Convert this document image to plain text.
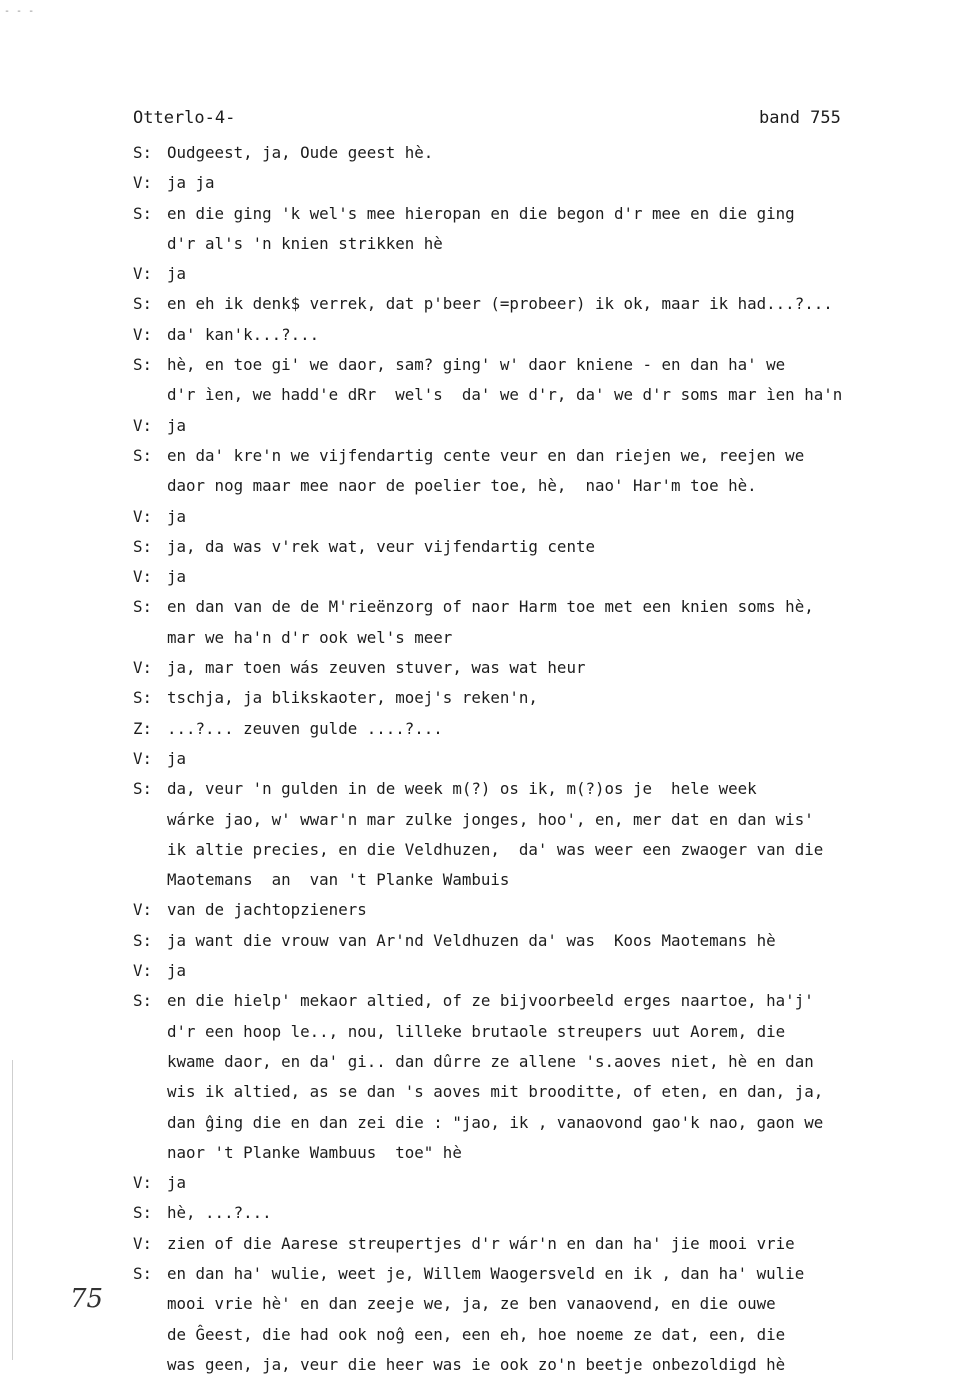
- - -
Otterlo-4-	band 755
S: Oudgeest, ja, Oude geest hè.
V: ja ja
S: en die ging 'k wel's mee hieropan en die begon d'r mee en die ging
d'r al's 'n knien strikken hè
V: ja
S: en eh ik denk$ verrek, dat p'beer (=probeer) ik ok, maar ik had...?...
V: da' kan'k...?...
S: hè, en toe gi' we daor, sam? ging' w' daor kniene - en dan ha' we
d'r ìen, we hadd'e dRr  wel's  da' we d'r, da' we d'r soms mar ìen ha'n
V: ja
S: en da' kre'n we vijfendartig cente veur en dan riejen we, reejen we
daor nog maar mee naor de poelier toe, hè,  nao' Har'm toe hè.
V: ja
S: ja, da was v'rek wat, veur vijfendartig cente
V: ja
S: en dan van de de M'rieënzorg of naor Harm toe met een knien soms hè,
mar we ha'n d'r ook wel's meer
V: ja, mar toen wás zeuven stuver, was wat heur
S: tschja, ja blikskaoter, moej's reken'n,
Z: ...?... zeuven gulde ....?...
V: ja
S: da, veur 'n gulden in de week m(?) os ik, m(?)os je  hele week
wárke jao, w' wwar'n mar zulke jonges, hoo', en, mer dat en dan wis'
ik altie precies, en die Veldhuzen,  da' was weer een zwaoger van die
Maotemans  an  van 't Planke Wambuis
V: van de jachtopzieners
S: ja want die vrouw van Ar'nd Veldhuzen da' was  Koos Maotemans hè
V: ja
S: en die hielp' mekaor altied, of ze bijvoorbeeld erges naartoe, ha'j'
d'r een hoop le.., nou, lilleke brutaole streupers uut Aorem, die
kwame daor, en da' gi.. dan dûrre ze allene 's.aoves niet, hè en dan
wis ik altied, as se dan 's aoves mit brooditte, of eten, en dan, ja,
dan ĝing die en dan zei die : "jao, ik , vanaovond gao'k nao, gaon we
naor 't Planke Wambuus  toe" hè
V: ja
S: hè, ...?...
V: zien of die Aarese streupertjes d'r wár'n en dan ha' jie mooi vrie
S: en dan ha' wulie, weet je, Willem Waogersveld en ik , dan ha' wulie
mooi vrie hè' en dan zeeje we, ja, ze ben vanaovend, en die ouwe
de Ĝeest, die had ook noĝ een, een eh, hoe noeme ze dat, een, die
was geen, ja, veur die heer was ie ook zo'n beetje onbezoldigd hè
75
